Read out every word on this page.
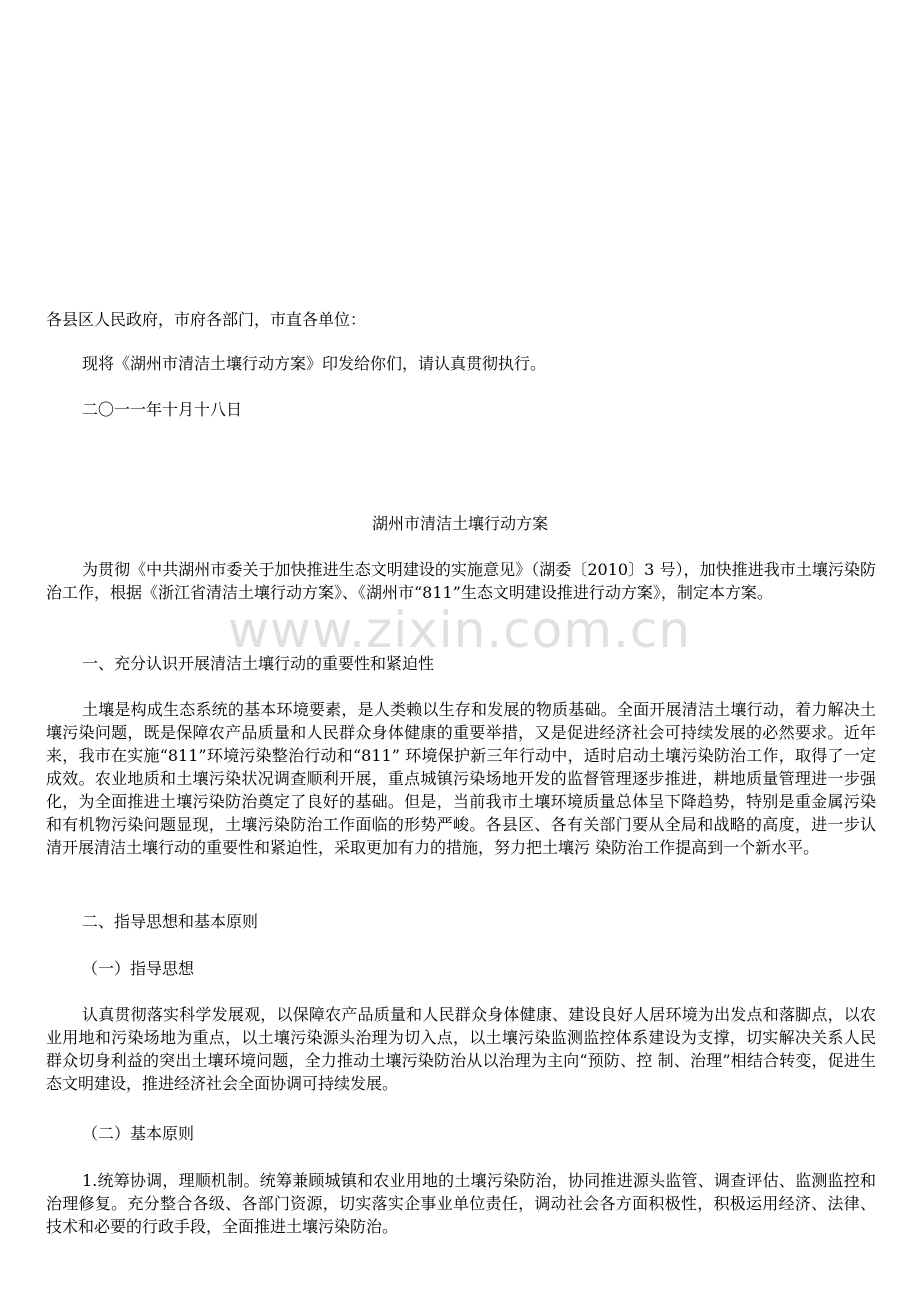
www.zixin.com.cn
各县区人民政府，市府各部门，市直各单位：
现将《湖州市清洁土壤行动方案》印发给你们，请认真贯彻执行。
二〇一一年十月十八日
湖州市清洁土壤行动方案
为贯彻《中共湖州市委关于加快推进生态文明建设的实施意见》（湖委〔2010〕3 号），加快推进我市土壤污染防治工作，根据《浙江省清洁土壤行动方案》、《湖州市“811”生态文明建设推进行动方案》，制定本方案。
一、充分认识开展清洁土壤行动的重要性和紧迫性
土壤是构成生态系统的基本环境要素，是人类赖以生存和发展的物质基础。全面开展清洁土壤行动，着力解决土壤污染问题，既是保障农产品质量和人民群众身体健康的重要举措，又是促进经济社会可持续发展的必然要求。近年来，我市在实施“811”环境污染整治行动和“811” 环境保护新三年行动中，适时启动土壤污染防治工作，取得了一定成效。农业地质和土壤污染状况调查顺利开展，重点城镇污染场地开发的监督管理逐步推进，耕地质量管理进一步强化，为全面推进土壤污染防治奠定了良好的基础。但是，当前我市土壤环境质量总体呈下降趋势，特别是重金属污染和有机物污染问题显现，土壤污染防治工作面临的形势严峻。各县区、各有关部门要从全局和战略的高度，进一步认清开展清洁土壤行动的重要性和紧迫性，采取更加有力的措施，努力把土壤污 染防治工作提高到一个新水平。
二、指导思想和基本原则
（一）指导思想
认真贯彻落实科学发展观，以保障农产品质量和人民群众身体健康、建设良好人居环境为出发点和落脚点，以农业用地和污染场地为重点，以土壤污染源头治理为切入点，以土壤污染监测监控体系建设为支撑，切实解决关系人民群众切身利益的突出土壤环境问题，全力推动土壤污染防治从以治理为主向“预防、控 制、治理”相结合转变，促进生态文明建设，推进经济社会全面协调可持续发展。
（二）基本原则
1.统筹协调，理顺机制。统筹兼顾城镇和农业用地的土壤污染防治，协同推进源头监管、调查评估、监测监控和治理修复。充分整合各级、各部门资源，切实落实企事业单位责任，调动社会各方面积极性，积极运用经济、法律、技术和必要的行政手段，全面推进土壤污染防治。
